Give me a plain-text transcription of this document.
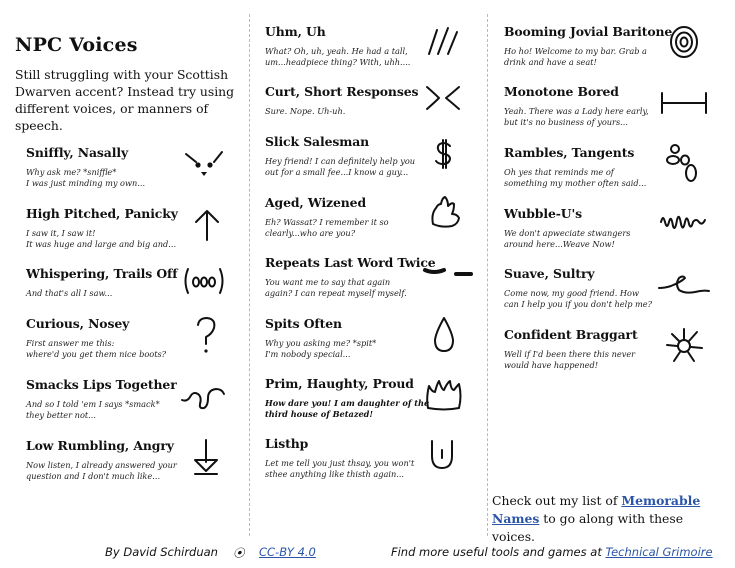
NPC Voices
Still struggling with your Scottish Dwarven accent? Instead try using different voices, or manners of speech.
Sniffly, Nasally
Why ask me? *sniffle*
I was just minding my own...
High Pitched, Panicky
I saw it, I saw it!
It was huge and large and big and...
Whispering, Trails Off
And that's all I saw...
Curious, Nosey
First answer me this:
where'd you get them nice boots?
Smacks Lips Together
And so I told 'em I says *smack*
they better not...
Low Rumbling, Angry
Now listen, I already answered your
question and I don't much like...
Uhm, Uh
What? Oh, uh, yeah. He had a tall,
um...headpiece thing? With, uhh....
Curt, Short Responses
Sure. Nope. Uh-uh.
Slick Salesman
Hey friend! I can definitely help you
out for a small fee...I know a guy...
Aged, Wizened
Eh? Wassat? I remember it so
clearly...who are you?
Repeats Last Word Twice
You want me to say that again
again? I can repeat myself myself.
Spits Often
Why you asking me? *spit*
I'm nobody special...
Prim, Haughty, Proud
How dare you! I am daughter of the
third house of Betazed!
Listhp
Let me tell you just thsay, you won't
sthee anything like thisth again...
Booming Jovial Baritone
Ho ho! Welcome to my bar. Grab a
drink and have a seat!
Monotone Bored
Yeah. There was a Lady here early,
but it's no business of yours...
Rambles, Tangents
Oh yes that reminds me of
something my mother often said...
Wubble-U's
We don't apweciate stwangers
around here...Weave Now!
Suave, Sultry
Come now, my good friend. How
can I help you if you don't help me?
Confident Braggart
Well if I'd been there this never
would have happened!
Check out my list of Memorable
Names to go along with these voices.
By David Schirduan ⦿ CC-BY 4.0	Find more useful tools and games at Technical Grimoire
